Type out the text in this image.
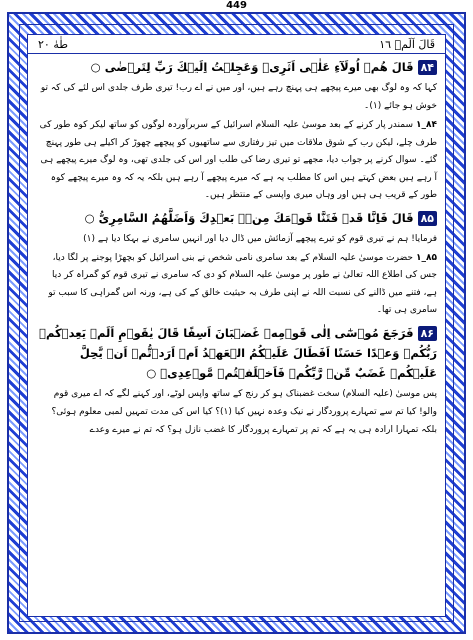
449
طٰهٰ ٢٠	قَالَ اَلَمۡ ١٦
۸۴قَالَ هُمۡ اُولَآءِ عَلٰۤى اَثَرِىۡ وَعَجِلۡتُ اِلَيۡكَ رَبِّ لِتَرۡضٰى ○
کہا کہ وہ لوگ بھی میرے پیچھے ہی پہنچ رہے ہیں، اور میں نے اے رب! تیری طرف جلدی اس لئے کی کہ تو خوش ہو جائے (۱)۔
۸۴_۱سمندر پار کرنے کے بعد موسیٰ علیہ السلام اسرائیل کے سربرآوردہ لوگوں کو ساتھ لیکر کوہ طور کی طرف چلے، لیکن رب کے شوق ملاقات میں تیز رفتاری سے ساتھیوں کو پیچھے چھوڑ کر اکیلے ہی طور پہنچ گئے۔ سوال کرنے پر جواب دیا، مجھے تو تیری رضا کی طلب اور اس کی جلدی تھی، وہ لوگ میرے پیچھے ہی آ رہے ہیں بعض کہتے ہیں اس کا مطلب یہ ہے کہ میرے پیچھے آ رہے ہیں بلکہ یہ کہ وہ میرے پیچھے کوہ طور کے قریب ہی ہیں اور وہاں میری واپسی کے منتظر ہیں۔
۸۵قَالَ فَاِنَّا قَدۡ فَتَنَّا قَوۡمَكَ مِنۡۢ بَعۡدِكَ وَاَضَلَّهُمُ السَّامِرِىُّ ○
فرمایا! ہم نے تیری قوم کو تیرے پیچھے آزمائش میں ڈال دیا اور انہیں سامری نے بہکا دیا ہے (۱)
۸۵_۱حضرت موسیٰ علیہ السلام کے بعد سامری نامی شخص نے بنی اسرائیل کو بچھڑا پوجنے پر لگا دیا، جس کی اطلاع اللہ تعالیٰ نے طور پر موسیٰ علیہ السلام کو دی کہ سامری نے تیری قوم کو گمراہ کر دیا ہے، فتنے میں ڈالنے کی نسبت اللہ نے اپنی طرف بہ حیثیت خالق کے کی ہے، ورنہ اس گمراہی کا سبب تو سامری ہی تھا۔
۸۶فَرَجَعَ مُوۡسٰٓى اِلٰى قَوۡمِهٖ غَضۡبَانَ اَسِفًا قَالَ يٰقَوۡمِ اَلَمۡ يَعِدۡكُمۡ رَبُّكُمۡ وَعۡدًا حَسَنًا اَفَطَالَ عَلَيۡكُمُ الۡعَهۡدُ اَمۡ اَرَدۡتُّمۡ اَنۡ يَّحِلَّ عَلَيۡكُمۡ غَضَبٌ مِّنۡ رَّبِّكُمۡ فَاَخۡلَفۡتُمۡ مَّوۡعِدِىۡ ○
پس موسیٰ (علیہ السلام) سخت غضبناک ہو کر رنج کے ساتھ واپس لوٹے، اور کہنے لگے کہ اے میری قوم والو! کیا تم سے تمہارے پروردگار نے نیک وعدہ نہیں کیا (۱)؟ کیا اس کی مدت تمہیں لمبی معلوم ہوئی؟ بلکہ تمہارا ارادہ ہی یہ ہے کہ تم پر تمہارے پروردگار کا غضب نازل ہو؟ کہ تم نے میرے وعدے
